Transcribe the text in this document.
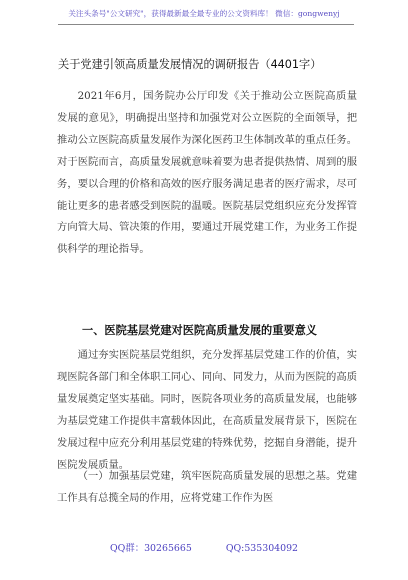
关注头条号"公文研究"，获得最新最全最专业的公文资料库！ 微信：gongwenyj
关于党建引领高质量发展情况的调研报告（4401字）

2021年6月，国务院办公厅印发《关于推动公立医院高质量发展的意见》，明确提出坚持和加强党对公立医院的全面领导，把推动公立医院高质量发展作为深化医药卫生体制改革的重点任务。对于医院而言，高质量发展就意味着要为患者提供热情、周到的服务，要以合理的价格和高效的医疗服务满足患者的医疗需求，尽可能让更多的患者感受到医院的温暖。医院基层党组织应充分发挥管方向管大局、管决策的作用，要通过开展党建工作，为业务工作提供科学的理论指导。

一、医院基层党建对医院高质量发展的重要意义

通过夯实医院基层党组织，充分发挥基层党建工作的价值，实现医院各部门和全体职工同心、同向、同发力，从而为医院的高质量发展奠定坚实基础。同时，医院各项业务的高质量发展，也能够为基层党建工作提供丰富载体因此，在高质量发展背景下，医院在发展过程中应充分利用基层党建的特殊优势，挖掘自身潜能，提升医院发展质量。

（一）加强基层党建，筑牢医院高质量发展的思想之基。党建工作具有总揽全局的作用，应将党建工作作为医

QQ群：30265665	QQ:535304092
